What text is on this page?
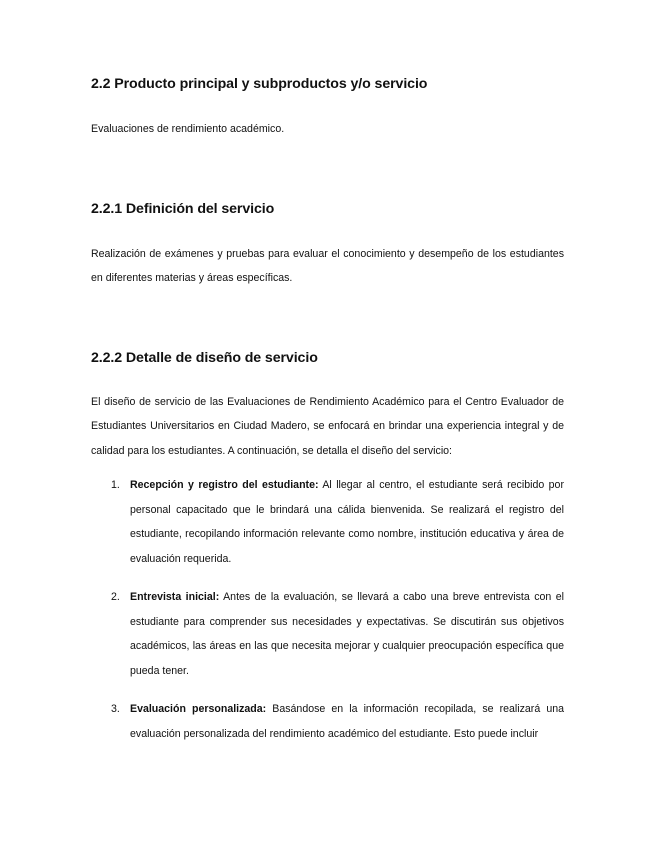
2.2 Producto principal y subproductos y/o servicio

Evaluaciones de rendimiento académico.

2.2.1 Definición del servicio

Realización de exámenes y pruebas para evaluar el conocimiento y desempeño de los estudiantes en diferentes materias y áreas específicas.

2.2.2 Detalle de diseño de servicio

El diseño de servicio de las Evaluaciones de Rendimiento Académico para el Centro Evaluador de Estudiantes Universitarios en Ciudad Madero, se enfocará en brindar una experiencia integral y de calidad para los estudiantes. A continuación, se detalla el diseño del servicio:

1. Recepción y registro del estudiante: Al llegar al centro, el estudiante será recibido por personal capacitado que le brindará una cálida bienvenida. Se realizará el registro del estudiante, recopilando información relevante como nombre, institución educativa y área de evaluación requerida.
2. Entrevista inicial: Antes de la evaluación, se llevará a cabo una breve entrevista con el estudiante para comprender sus necesidades y expectativas. Se discutirán sus objetivos académicos, las áreas en las que necesita mejorar y cualquier preocupación específica que pueda tener.
3. Evaluación personalizada: Basándose en la información recopilada, se realizará una evaluación personalizada del rendimiento académico del estudiante. Esto puede incluir
